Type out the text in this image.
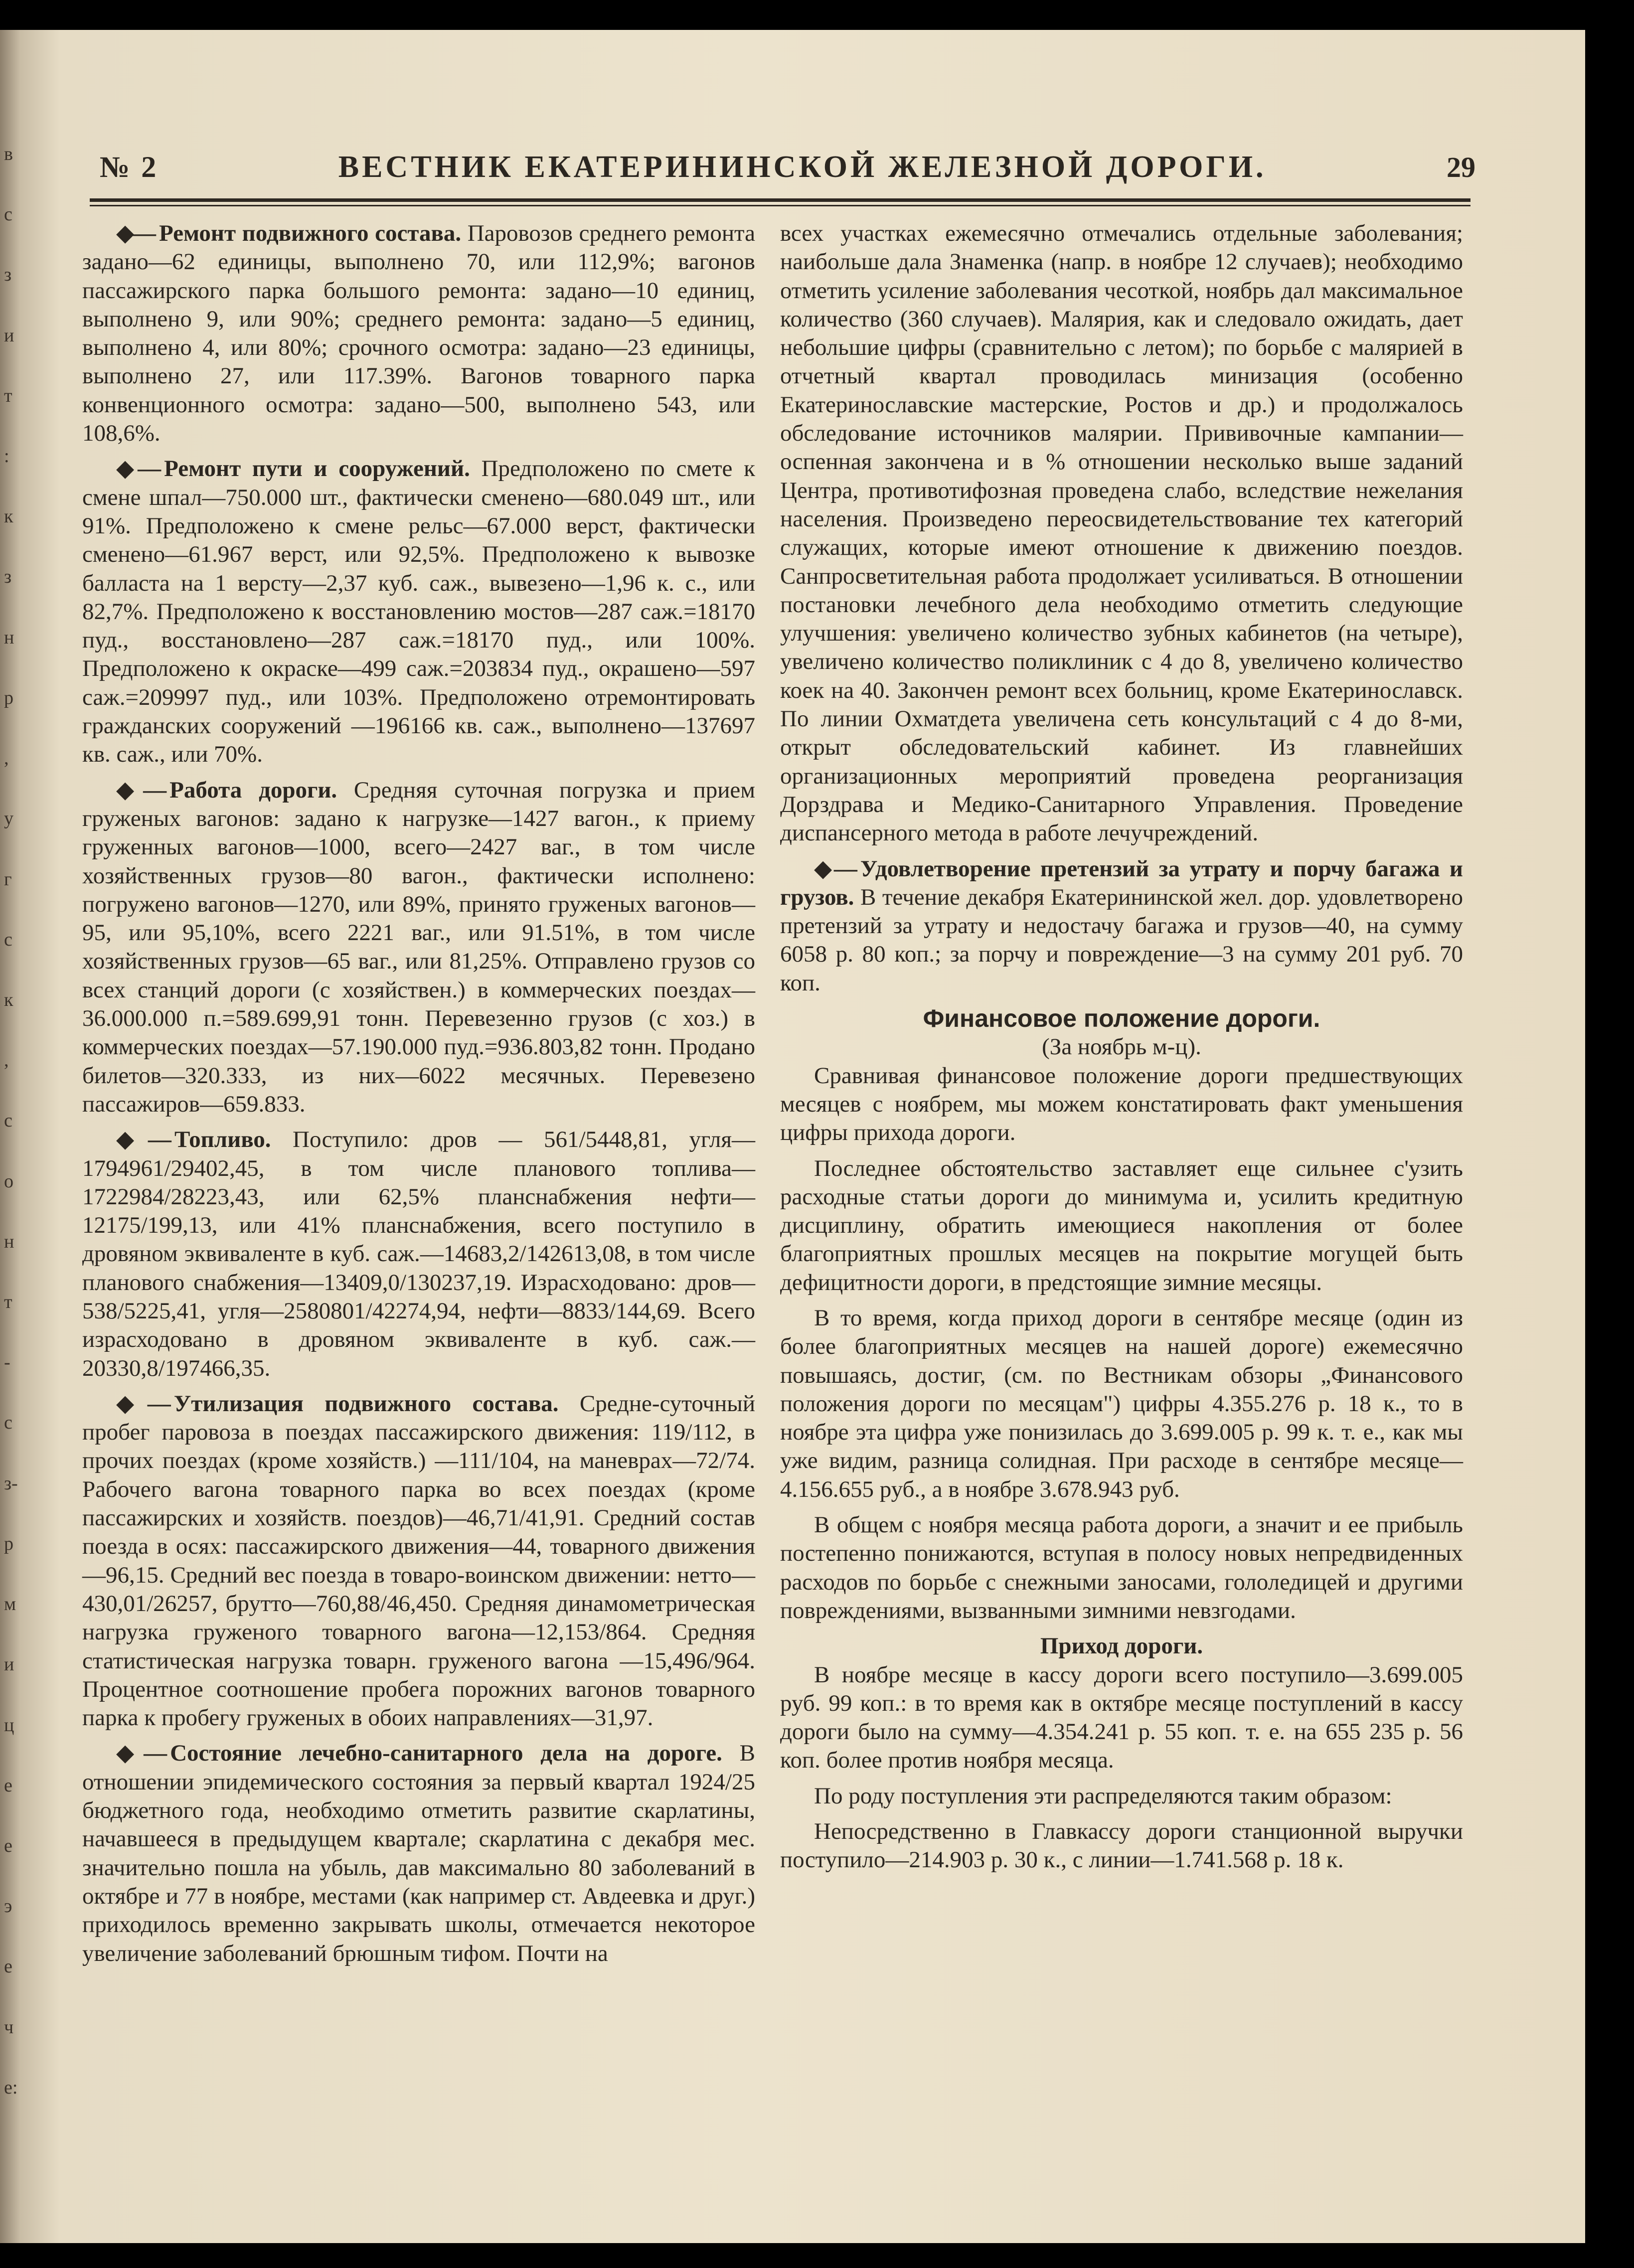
в
с
з
и
т
:
к
з
н
р
,
у
г
с
к
,
с
о
н
т
-
с
з-
р
м
и
ц
е
е
э
е
ч
е:
№ 2	ВЕСТНИК ЕКАТЕРИНИНСКОЙ ЖЕЛЕЗНОЙ ДОРОГИ.	29

◆— Ремонт подвижного состава. Паровозов среднего ремонта задано—62 единицы, выполнено 70, или 112,9%; вагонов пассажирского парка большого ремонта: задано—10 единиц, выполнено 9, или 90%; среднего ремонта: задано—5 единиц, выполнено 4, или 80%; срочного осмотра: задано—23 единицы, выполнено 27, или 117.39%. Вагонов товарного парка конвенционного осмотра: задано—500, выполнено 543, или 108,6%.

◆— Ремонт пути и сооружений. Предположено по смете к смене шпал—750.000 шт., фактически сменено—680.049 шт., или 91%. Предположено к смене рельс—67.000 верст, фактически сменено—61.967 верст, или 92,5%. Предположено к вывозке балласта на 1 версту—2,37 куб. саж., вывезено—1,96 к. с., или 82,7%. Предположено к восстановлению мостов—287 саж.=18170 пуд., восстановлено—287 саж.=18170 пуд., или 100%. Предположено к окраске—499 саж.=203834 пуд., окрашено—597 саж.=209997 пуд., или 103%. Предположено отремонтировать гражданских сооружений —196166 кв. саж., выполнено—137697 кв. саж., или 70%.

◆— Работа дороги. Средняя суточная погрузка и прием груженых вагонов: задано к нагрузке—1427 вагон., к приему груженных вагонов—1000, всего—2427 ваг., в том числе хозяйственных грузов—80 вагон., фактически исполнено: погружено вагонов—1270, или 89%, принято груженых вагонов—95, или 95,10%, всего 2221 ваг., или 91.51%, в том числе хозяйственных грузов—65 ваг., или 81,25%. Отправлено грузов со всех станций дороги (с хозяйствен.) в коммерческих поездах—36.000.000 п.=589.699,91 тонн. Перевезенно грузов (с хоз.) в коммерческих поездах—57.190.000 пуд.=936.803,82 тонн. Продано билетов—320.333, из них—6022 месячных. Перевезено пассажиров—659.833.

◆— Топливо. Поступило: дров — 561/5448,81, угля—1794961/29402,45, в том числе планового топлива—1722984/28223,43, или 62,5% планснабжения нефти—12175/199,13, или 41% планснабжения, всего поступило в дровяном эквиваленте в куб. саж.—14683,2/142613,08, в том числе планового снабжения—13409,0/130237,19. Израсходовано: дров—538/5225,41, угля—2580801/42274,94, нефти—8833/144,69. Всего израсходовано в дровяном эквиваленте в куб. саж.—20330,8/197466,35.

◆— Утилизация подвижного состава. Средне-суточный пробег паровоза в поездах пассажирского движения: 119/112, в прочих поездах (кроме хозяйств.) —111/104, на маневрах—72/74. Рабочего вагона товарного парка во всех поездах (кроме пассажирских и хозяйств. поездов)—46,71/41,91. Средний состав поезда в осях: пассажирского движения—44, товарного движения—96,15. Средний вес поезда в товаро-воинском движении: нетто—430,01/26257, брутто—760,88/46,450. Средняя динамометрическая нагрузка груженого товарного вагона—12,153/864. Средняя статистическая нагрузка товарн. груженого вагона —15,496/964. Процентное соотношение пробега порожних вагонов товарного парка к пробегу груженых в обоих направлениях—31,97.

◆— Состояние лечебно-санитарного дела на дороге. В отношении эпидемического состояния за первый квартал 1924/25 бюджетного года, необходимо отметить развитие скарлатины, начавшееся в предыдущем квартале; скарлатина с декабря мес. значительно пошла на убыль, дав максимально 80 заболеваний в октябре и 77 в ноябре, местами (как например ст. Авдеевка и друг.) приходилось временно закрывать школы, отмечается некоторое увеличение заболеваний брюшным тифом. Почти на

всех участках ежемесячно отмечались отдельные заболевания; наибольше дала Знаменка (напр. в ноябре 12 случаев); необходимо отметить усиление заболевания чесоткой, ноябрь дал максимальное количество (360 случаев). Малярия, как и следовало ожидать, дает небольшие цифры (сравнительно с летом); по борьбе с малярией в отчетный квартал проводилась минизация (особенно Екатеринославские мастерские, Ростов и др.) и продолжалось обследование источников малярии. Прививочные кампании—оспенная закончена и в % отношении несколько выше заданий Центра, противотифозная проведена слабо, вследствие нежелания населения. Произведено переосвидетельствование тех категорий служащих, которые имеют отношение к движению поездов. Санпросветительная работа продолжает усиливаться. В отношении постановки лечебного дела необходимо отметить следующие улучшения: увеличено количество зубных кабинетов (на четыре), увеличено количество поликлиник с 4 до 8, увеличено количество коек на 40. Закончен ремонт всех больниц, кроме Екатеринославск. По линии Охматдета увеличена сеть консультаций с 4 до 8-ми, открыт обследовательский кабинет. Из главнейших организационных мероприятий проведена реорганизация Дорздрава и Медико-Санитарного Управления. Проведение диспансерного метода в работе лечучреждений.

◆— Удовлетворение претензий за утрату и порчу багажа и грузов. В течение декабря Екатерининской жел. дор. удовлетворено претензий за утрату и недостачу багажа и грузов—40, на сумму 6058 р. 80 коп.; за порчу и повреждение—3 на сумму 201 руб. 70 коп.

Финансовое положение дороги.

(За ноябрь м-ц).

Сравнивая финансовое положение дороги предшествующих месяцев с ноябрем, мы можем констатировать факт уменьшения цифры прихода дороги.

Последнее обстоятельство заставляет еще сильнее с'узить расходные статьи дороги до минимума и, усилить кредитную дисциплину, обратить имеющиеся накопления от более благоприятных прошлых месяцев на покрытие могущей быть дефицитности дороги, в предстоящие зимние месяцы.

В то время, когда приход дороги в сентябре месяце (один из более благоприятных месяцев на нашей дороге) ежемесячно повышаясь, достиг, (см. по Вестникам обзоры „Финансового положения дороги по месяцам") цифры 4.355.276 р. 18 к., то в ноябре эта цифра уже понизилась до 3.699.005 р. 99 к. т. е., как мы уже видим, разница солидная. При расходе в сентябре месяце—4.156.655 руб., а в ноябре 3.678.943 руб.

В общем с ноября месяца работа дороги, а значит и ее прибыль постепенно понижаются, вступая в полосу новых непредвиденных расходов по борьбе с снежными заносами, гололедицей и другими повреждениями, вызванными зимними невзгодами.

Приход дороги.

В ноябре месяце в кассу дороги всего поступило—3.699.005 руб. 99 коп.: в то время как в октябре месяце поступлений в кассу дороги было на сумму—4.354.241 р. 55 коп. т. е. на 655 235 р. 56 коп. более против ноября месяца.

По роду поступления эти распределяются таким образом:

Непосредственно в Главкассу дороги станционной выручки поступило—214.903 р. 30 к., с линии—1.741.568 р. 18 к.
